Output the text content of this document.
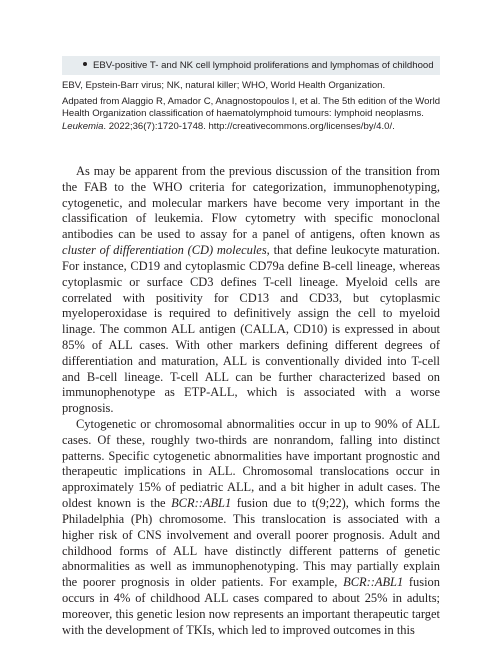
EBV-positive T- and NK cell lymphoid proliferations and lymphomas of childhood
EBV, Epstein-Barr virus; NK, natural killer; WHO, World Health Organization.
Adpated from Alaggio R, Amador C, Anagnostopoulos I, et al. The 5th edition of the World
Health Organization classification of haematolymphoid tumours: lymphoid neoplasms.
Leukemia. 2022;36(7):1720-1748. http://creativecommons.org/licenses/by/4.0/.

As may be apparent from the previous discussion of the transition from the FAB to the WHO criteria for categorization, immunophenotyping, cytogenetic, and molecular markers have become very important in the classification of leukemia. Flow cytometry with specific monoclonal antibodies can be used to assay for a panel of antigens, often known as cluster of differentiation (CD) molecules, that define leukocyte maturation. For instance, CD19 and cytoplasmic CD79a define B-cell lineage, whereas cytoplasmic or surface CD3 defines T-cell lineage. Myeloid cells are correlated with positivity for CD13 and CD33, but cytoplasmic myeloperoxidase is required to definitively assign the cell to myeloid linage. The common ALL antigen (CALLA, CD10) is expressed in about 85% of ALL cases. With other markers defining different degrees of differentiation and maturation, ALL is conventionally divided into T-cell and B-cell lineage. T-cell ALL can be further characterized based on immunophenotype as ETP-ALL, which is associated with a worse prognosis.

Cytogenetic or chromosomal abnormalities occur in up to 90% of ALL cases. Of these, roughly two-thirds are nonrandom, falling into distinct patterns. Specific cytogenetic abnormalities have important prognostic and therapeutic implications in ALL. Chromosomal translocations occur in approximately 15% of pediatric ALL, and a bit higher in adult cases. The oldest known is the BCR::ABL1 fusion due to t(9;22), which forms the Philadelphia (Ph) chromosome. This translocation is associated with a higher risk of CNS involvement and overall poorer prognosis. Adult and childhood forms of ALL have distinctly different patterns of genetic abnormalities as well as immunophenotyping. This may partially explain the poorer prognosis in older patients. For example, BCR::ABL1 fusion occurs in 4% of childhood ALL cases compared to about 25% in adults; moreover, this genetic lesion now represents an important therapeutic target with the development of TKIs, which led to improved outcomes in this
